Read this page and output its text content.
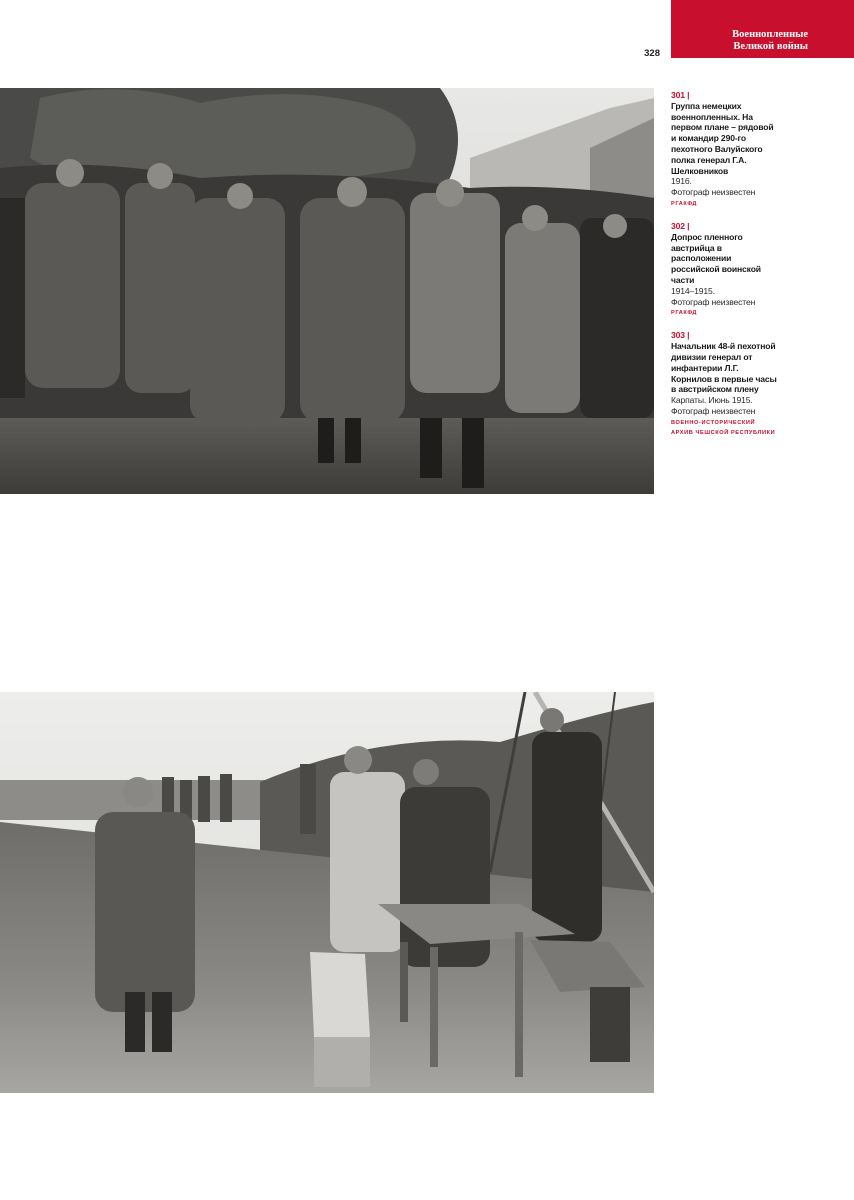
Военнопленные
Великой войны
328
301 |
Группа немецких военнопленных. На первом плане – рядовой и командир 290-го пехотного Валуйского полка генерал Г.А. Шелковников
1916.
Фотограф неизвестен
РГАКФД
302 |
Допрос пленного австрийца в расположении российской воинской части
1914–1915.
Фотограф неизвестен
РГАКФД
303 |
Начальник 48-й пехотной дивизии генерал от инфантерии Л.Г. Корнилов в первые часы в австрийском плену
Карпаты. Июнь 1915.
Фотограф неизвестен
ВОЕННО-ИСТОРИЧЕСКИЙ АРХИВ ЧЕШСКОЙ РЕСПУБЛИКИ
